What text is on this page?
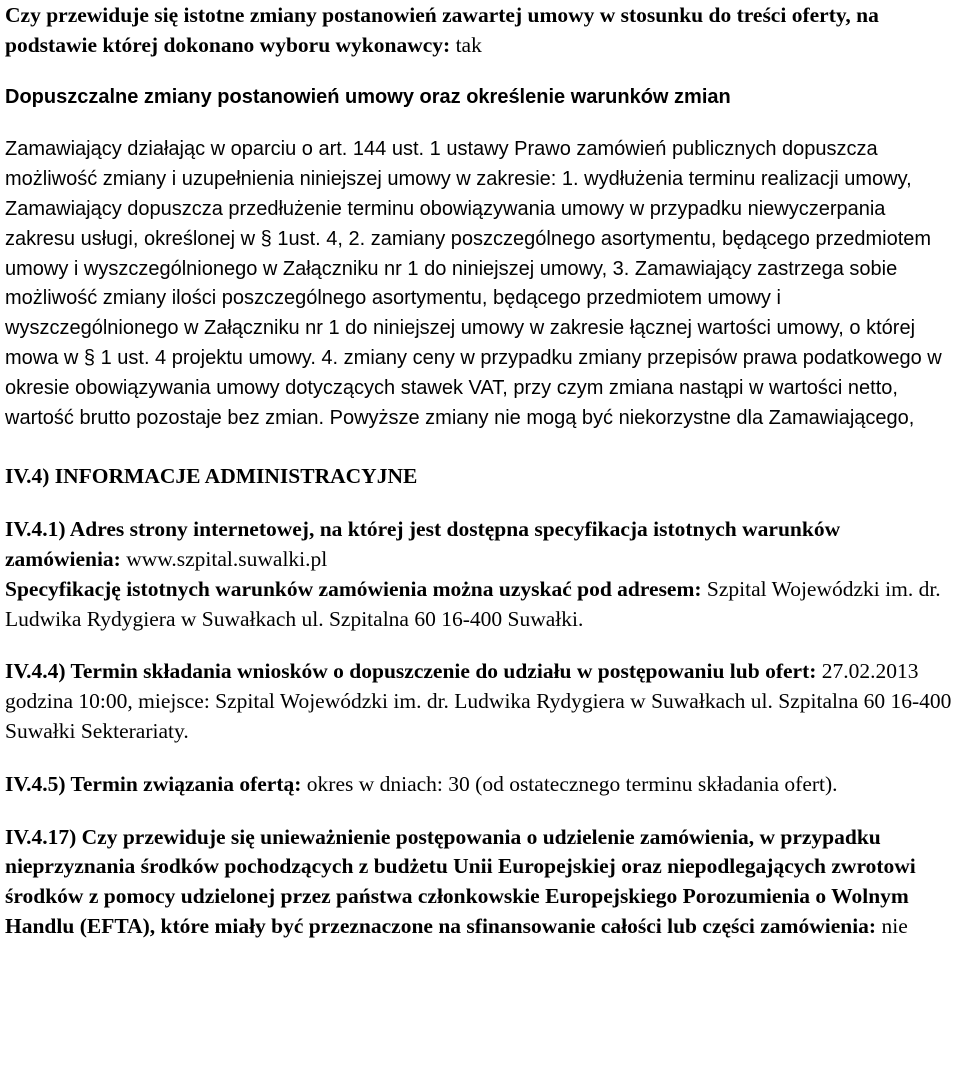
Czy przewiduje się istotne zmiany postanowień zawartej umowy w stosunku do treści oferty, na podstawie której dokonano wyboru wykonawcy: tak

Dopuszczalne zmiany postanowień umowy oraz określenie warunków zmian

Zamawiający działając w oparciu o art. 144 ust. 1 ustawy Prawo zamówień publicznych dopuszcza możliwość zmiany i uzupełnienia niniejszej umowy w zakresie: 1. wydłużenia terminu realizacji umowy, Zamawiający dopuszcza przedłużenie terminu obowiązywania umowy w przypadku niewyczerpania zakresu usługi, określonej w § 1ust. 4, 2. zamiany poszczególnego asortymentu, będącego przedmiotem umowy i wyszczególnionego w Załączniku nr 1 do niniejszej umowy, 3. Zamawiający zastrzega sobie możliwość zmiany ilości poszczególnego asortymentu, będącego przedmiotem umowy i wyszczególnionego w Załączniku nr 1 do niniejszej umowy w zakresie łącznej wartości umowy, o której mowa w § 1 ust. 4 projektu umowy. 4. zmiany ceny w przypadku zmiany przepisów prawa podatkowego w okresie obowiązywania umowy dotyczących stawek VAT, przy czym zmiana nastąpi w wartości netto, wartość brutto pozostaje bez zmian. Powyższe zmiany nie mogą być niekorzystne dla Zamawiającego,

IV.4) INFORMACJE ADMINISTRACYJNE

IV.4.1) Adres strony internetowej, na której jest dostępna specyfikacja istotnych warunków zamówienia: www.szpital.suwalki.pl

Specyfikację istotnych warunków zamówienia można uzyskać pod adresem: Szpital Wojewódzki im. dr. Ludwika Rydygiera w Suwałkach ul. Szpitalna 60 16-400 Suwałki.

IV.4.4) Termin składania wniosków o dopuszczenie do udziału w postępowaniu lub ofert: 27.02.2013 godzina 10:00, miejsce: Szpital Wojewódzki im. dr. Ludwika Rydygiera w Suwałkach ul. Szpitalna 60 16-400 Suwałki Sekterariaty.

IV.4.5) Termin związania ofertą: okres w dniach: 30 (od ostatecznego terminu składania ofert).

IV.4.17) Czy przewiduje się unieważnienie postępowania o udzielenie zamówienia, w przypadku nieprzyznania środków pochodzących z budżetu Unii Europejskiej oraz niepodlegających zwrotowi środków z pomocy udzielonej przez państwa członkowskie Europejskiego Porozumienia o Wolnym Handlu (EFTA), które miały być przeznaczone na sfinansowanie całości lub części zamówienia: nie
